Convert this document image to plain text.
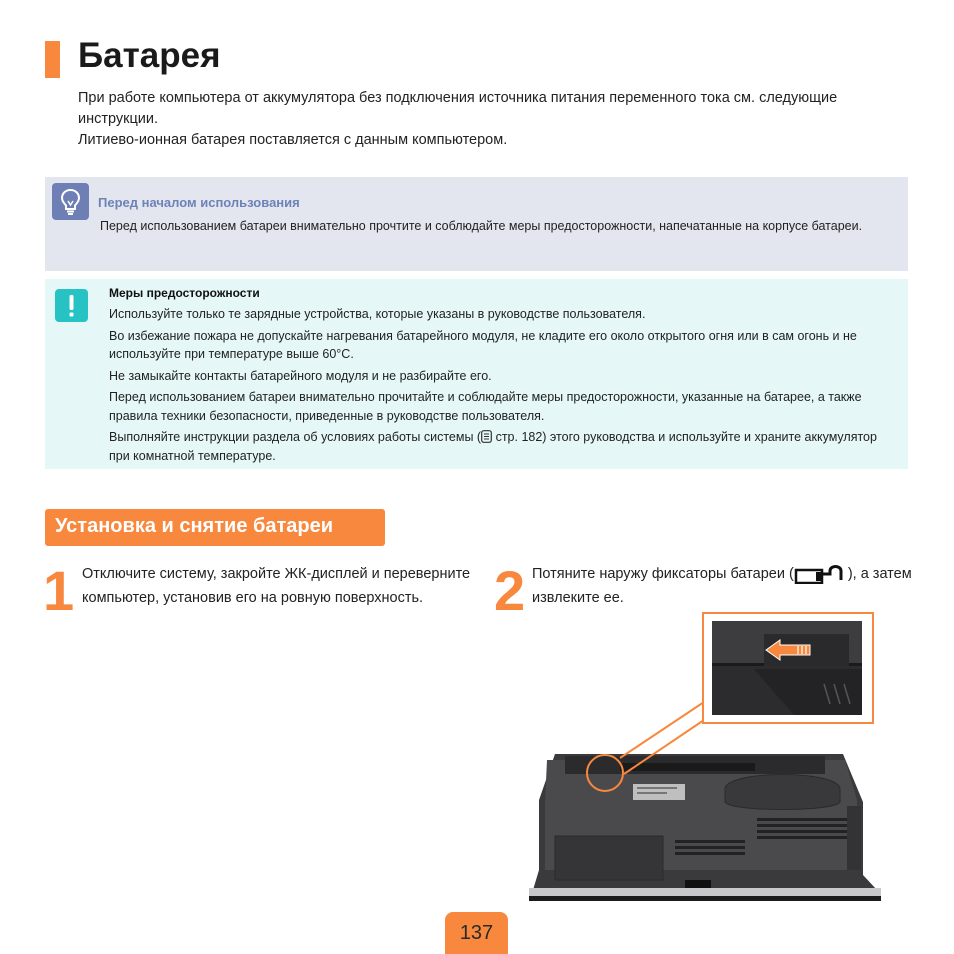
Батарея

При работе компьютера от аккумулятора без подключения источника питания переменного тока см. следующие инструкции.

Литиево-ионная батарея поставляется с данным компьютером.

Перед началом использования
Перед использованием батареи внимательно прочтите и соблюдайте меры предосторожности, напечатанные на корпусе батареи.
Меры предосторожности

Используйте только те зарядные устройства, которые указаны в руководстве пользователя.

Во избежание пожара не допускайте нагревания батарейного модуля, не кладите его около открытого огня или в сам огонь и не используйте при температуре выше 60°C.

Не замыкайте контакты батарейного модуля и не разбирайте его.

Перед использованием батареи внимательно прочитайте и соблюдайте меры предосторожности, указанные на батарее, а также правила техники безопасности, приведенные в руководстве пользователя.

Выполняйте инструкции раздела об условиях работы системы ( стр. 182) этого руководства и используйте и храните аккумулятор при комнатной температуре.

Установка и снятие батареи
1 Отключите систему, закройте ЖК-дисплей и переверните компьютер, установив его на ровную поверхность.	2 Потяните наружу фиксаторы батареи (	), а затем извлеките ее.
137
